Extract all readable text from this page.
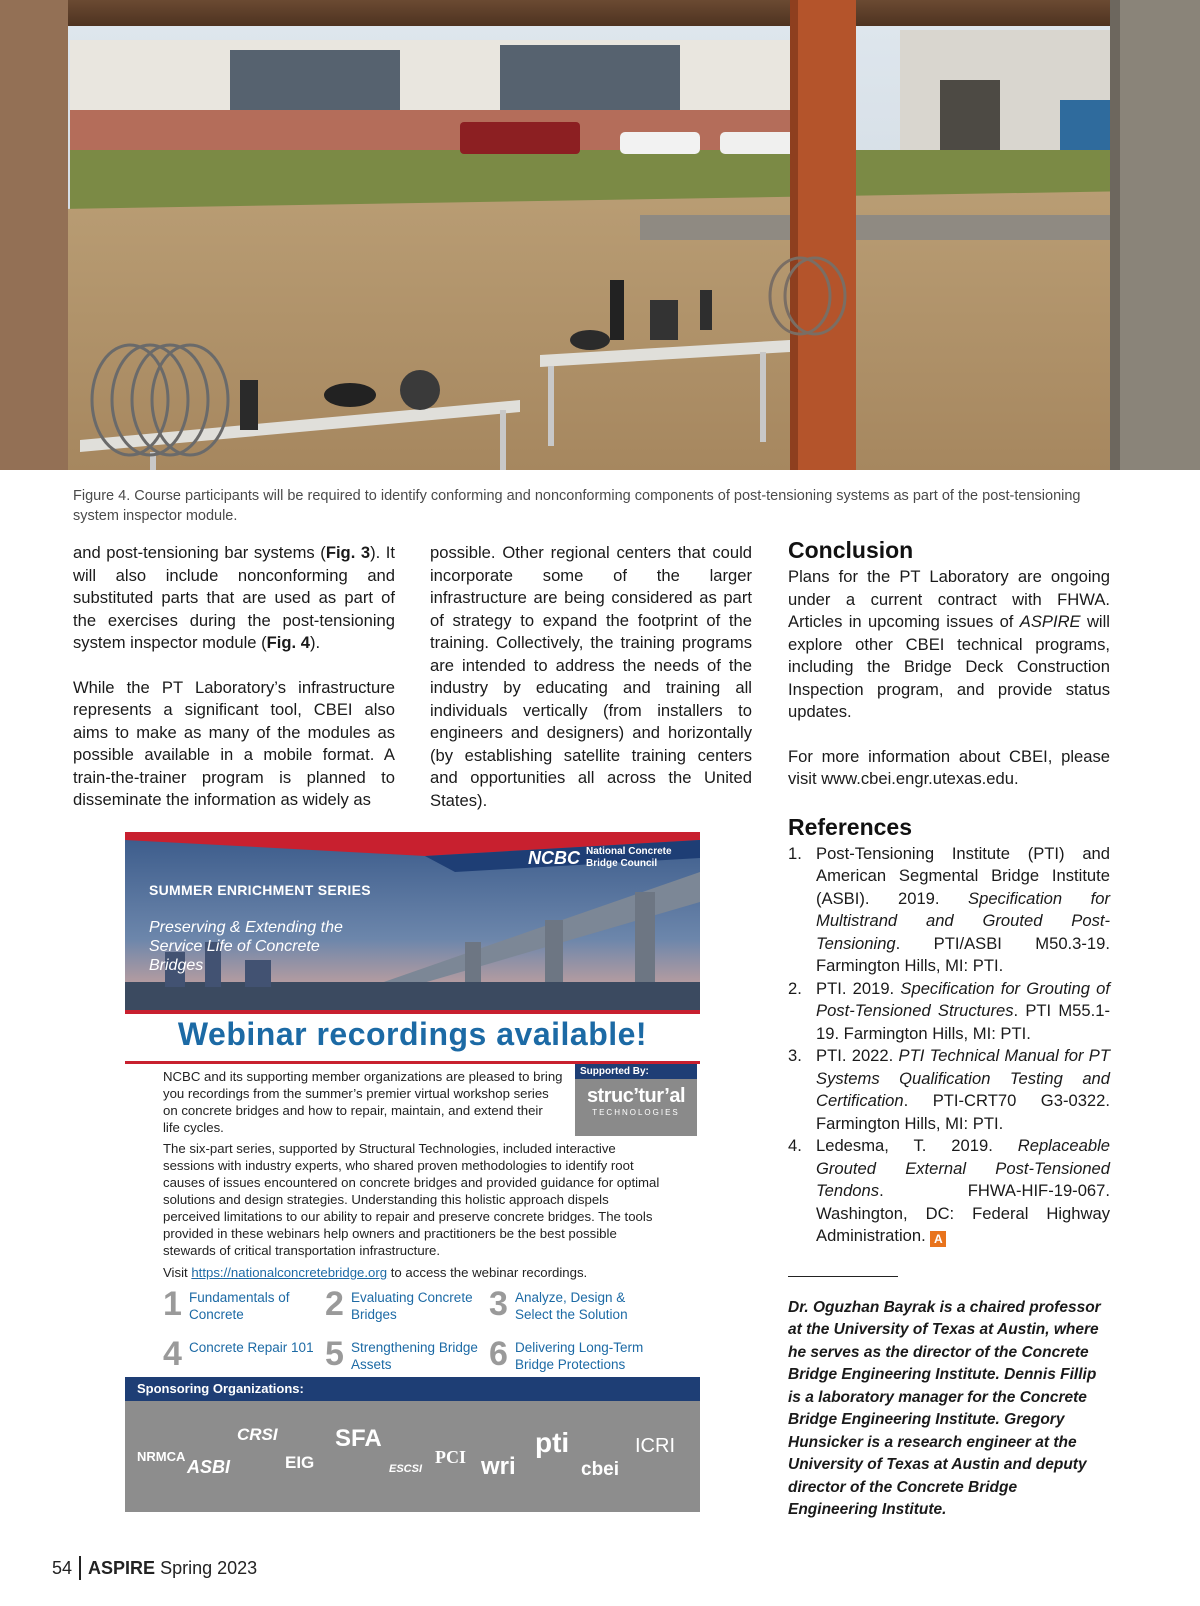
Figure 4. Course participants will be required to identify conforming and nonconforming components of post-tensioning systems as part of the post-tensioning system inspector module.

and post-tensioning bar systems (Fig. 3). It will also include nonconforming and substituted parts that are used as part of the exercises during the post-tensioning system inspector module (Fig. 4).

While the PT Laboratory’s infrastructure represents a significant tool, CBEI also aims to make as many of the modules as possible available in a mobile format. A train-the-trainer program is planned to disseminate the information as widely as

possible. Other regional centers that could incorporate some of the larger infrastructure are being considered as part of strategy to expand the footprint of the training. Collectively, the training programs are intended to address the needs of the industry by educating and training all individuals vertically (from installers to engineers and designers) and horizontally (by establishing satellite training centers and opportunities all across the United States).

Conclusion

Plans for the PT Laboratory are ongoing under a current contract with FHWA. Articles in upcoming issues of ASPIRE will explore other CBEI technical programs, including the Bridge Deck Construction Inspection program, and provide status updates.

For more information about CBEI, please visit www.cbei.engr.utexas.edu.

References
1. Post-Tensioning Institute (PTI) and American Segmental Bridge Institute (ASBI). 2019. Specification for Multistrand and Grouted Post-Tensioning. PTI/ASBI M50.3-19. Farmington Hills, MI: PTI.
2. PTI. 2019. Specification for Grouting of Post-Tensioned Structures. PTI M55.1-19. Farmington Hills, MI: PTI.
3. PTI. 2022. PTI Technical Manual for PT Systems Qualification Testing and Certification. PTI-CRT70 G3-0322. Farmington Hills, MI: PTI.
4. Ledesma, T. 2019. Replaceable Grouted External Post-Tensioned Tendons. FHWA-HIF-19-067. Washington, DC: Federal Highway Administration. A
Dr. Oguzhan Bayrak is a chaired professor at the University of Texas at Austin, where he serves as the director of the Concrete Bridge Engineering Institute. Dennis Fillip is a laboratory manager for the Concrete Bridge Engineering Institute. Gregory Hunsicker is a research engineer at the University of Texas at Austin and deputy director of the Concrete Bridge Engineering Institute.
SUMMER ENRICHMENT SERIES
Preserving & Extending the Service Life of Concrete Bridges
NCBC National Concrete Bridge Council
Webinar recordings available!
NCBC and its supporting member organizations are pleased to bring you recordings from the summer’s premier virtual workshop series on concrete bridges and how to repair, maintain, and extend their life cycles.
Supported By:
struc’tur’al
TECHNOLOGIES
The six-part series, supported by Structural Technologies, included interactive sessions with industry experts, who shared proven methodologies to identify root causes of issues encountered on concrete bridges and provided guidance for optimal solutions and design strategies. Understanding this holistic approach dispels perceived limitations to our ability to repair and preserve concrete bridges. The tools provided in these webinars help owners and practitioners be the best possible stewards of critical transportation infrastructure.
Visit https://nationalconcretebridge.org to access the webinar recordings.
1 Fundamentals of Concrete	2 Evaluating Concrete Bridges	3 Analyze, Design & Select the Solution
4 Concrete Repair 101 5 Strengthening Bridge Assets	6 Delivering Long-Term Bridge Protections
Sponsoring Organizations:
NRMCA
ASBI
CRSI
EIG
SFA
ESCSI
PCI wri
pti
cbei
ICRI
54 ASPIRE Spring 2023
